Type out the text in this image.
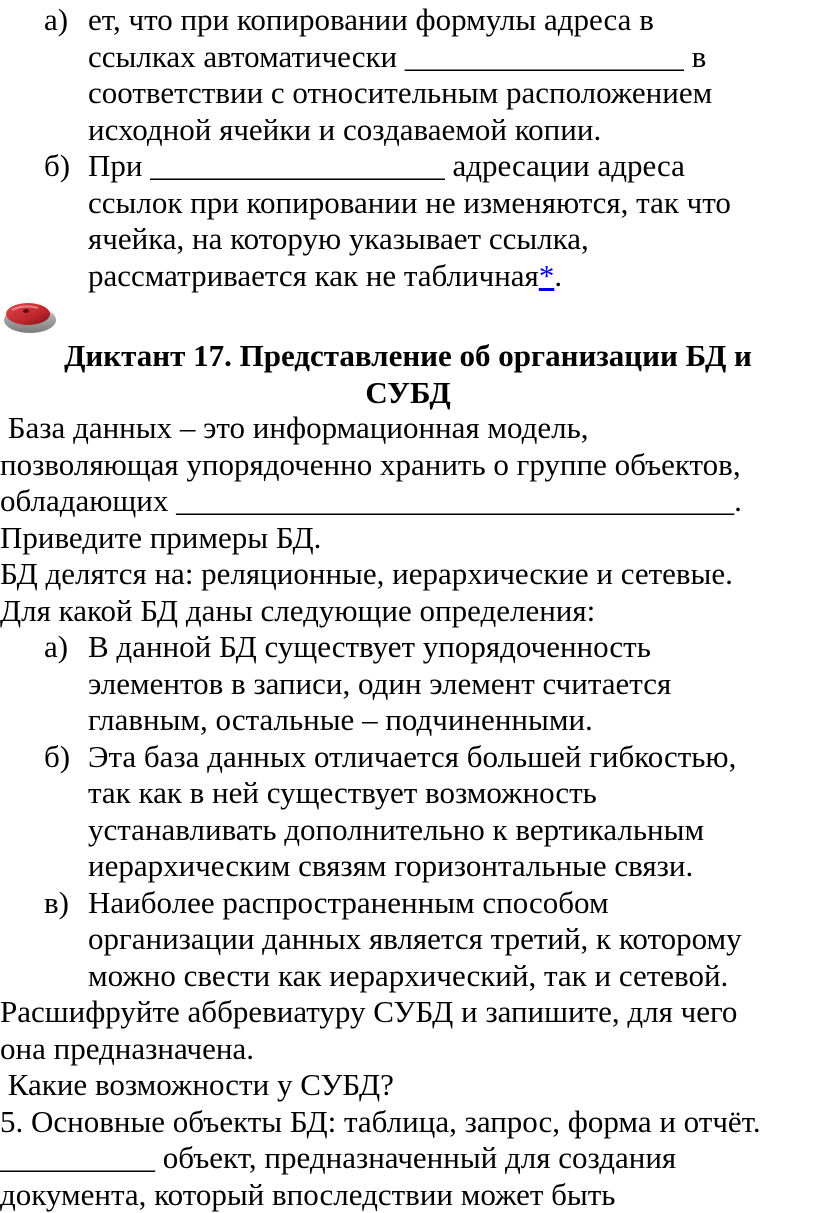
а) ет, что при копировании формулы адреса в
ссылках автоматически __________________ в
соответствии с относительным расположением
исходной ячейки и создаваемой копии.
б) При ___________________ адресации адреса
ссылок при копировании не изменяются, так что
ячейка, на которую указывает ссылка,
рассматривается как не табличная*.
Диктант 17. Представление об организации БД и
СУБД
База данных – это информационная модель,
позволяющая упорядоченно хранить о группе объектов,
обладающих ____________________________________.
Приведите примеры БД.
БД делятся на: реляционные, иерархические и сетевые.
Для какой БД даны следующие определения:
а) В данной БД существует упорядоченность
элементов в записи, один элемент считается
главным, остальные – подчиненными.
б) Эта база данных отличается большей гибкостью,
так как в ней существует возможность
устанавливать дополнительно к вертикальным
иерархическим связям горизонтальные связи.
в) Наиболее распространенным способом
организации данных является третий, к которому
можно свести как иерархический, так и сетевой.
Расшифруйте аббревиатуру СУБД и запишите, для чего
она предназначена.
Какие возможности у СУБД?
5. Основные объекты БД: таблица, запрос, форма и отчёт.
__________ объект, предназначенный для создания
документа, который впоследствии может быть
